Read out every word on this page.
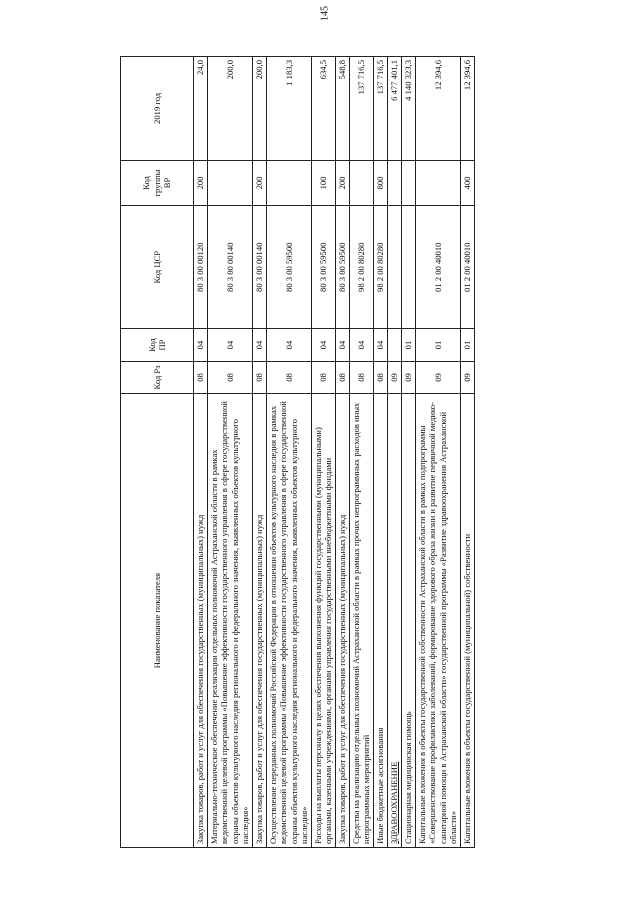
145
Наименование показателя	Код Рз	Код ПР	Код ЦСР	Код группы ВР	2019 год
Закупка товаров, работ и услуг для обеспечения государственных (муниципальных) нужд	08	04	80 3 00 00120	200	24,0
Материально-техническое обеспечение реализации отдельных полномочий Астраханской области в рамках ведомственной целевой программы «Повышение эффективности государственного управления в сфере государственной охраны объектов культурного наследия регионального и федерального значения, выявленных объектов культурного наследия»	08	04	80 3 00 00140		200,0
Закупка товаров, работ и услуг для обеспечения государственных (муниципальных) нужд	08	04	80 3 00 00140	200	200,0
Осуществление переданных полномочий Российской Федерации в отношении объектов культурного наследия в рамках ведомственной целевой программы «Повышение эффективности государственного управления в сфере государственной охраны объектов культурного наследия регионального и федерального значения, выявленных объектов культурного наследия»	08	04	80 3 00 59500		1 183,3
Расходы на выплаты персоналу в целях обеспечения выполнения функций государственными (муниципальными) органами, казенными учреждениями, органами управления государственными внебюджетными фондами	08	04	80 3 00 59500	100	634,5
Закупка товаров, работ и услуг для обеспечения государственных (муниципальных) нужд	08	04	80 3 00 59500	200	548,8
Средства на реализацию отдельных полномочий Астраханской области в рамках прочих непрограммных расходов иных непрограммных мероприятий	08	04	98 2 00 80280		137 716,5
Иные бюджетные ассигнования	08	04	98 2 00 80280	800	137 716,5
ЗДРАВООХРАНЕНИЕ	09				6 477 401,1
Стационарная медицинская помощь	09	01			4 140 323,3
Капитальные вложения в объекты государственной собственности Астраханской области в рамках подпрограммы «Совершенствование профилактики заболеваний, формирование здорового образа жизни и развитие первичной медико-санитарной помощи в Астраханской области» государственной программы «Развитие здравоохранения Астраханской области»	09	01	01 2 00 40010		12 394,6
Капитальные вложения в объекты государственной (муниципальной) собственности	09	01	01 2 00 40010	400	12 394,6
